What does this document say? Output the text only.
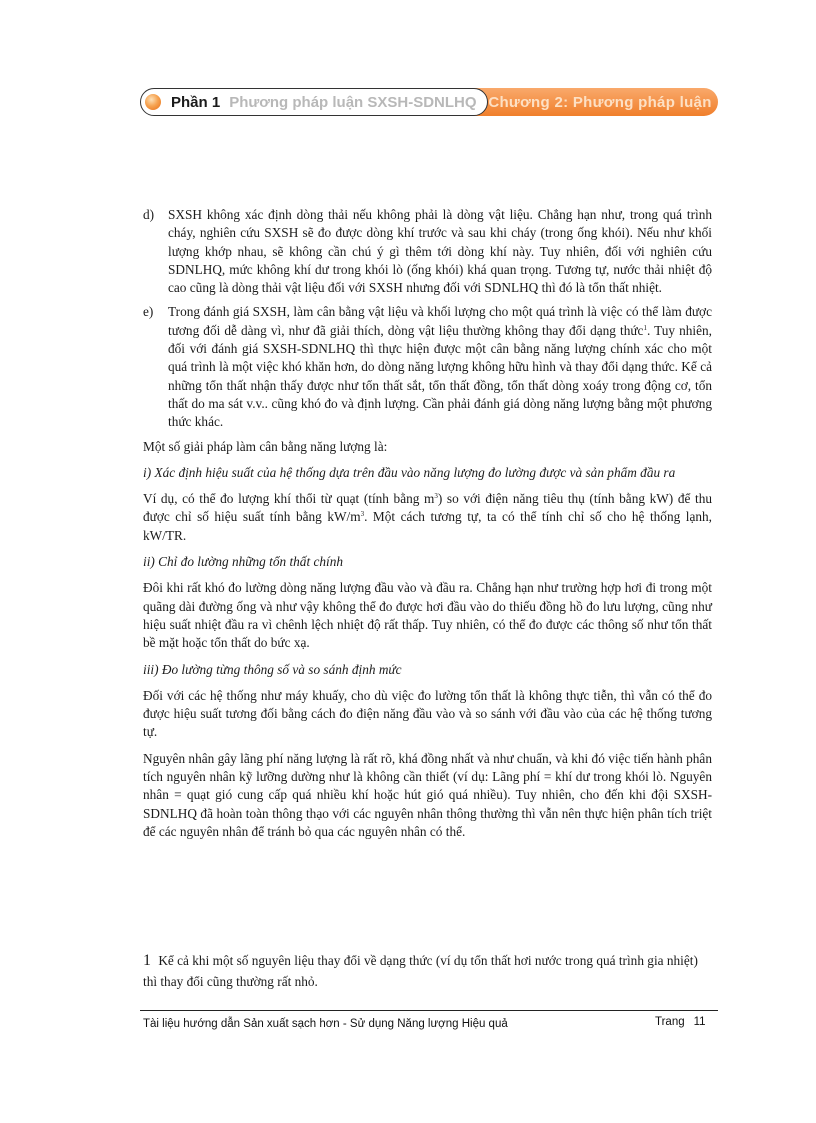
Chương 2: Phương pháp luận
Phần 1 Phương pháp luận SXSH-SDNLHQ
d)	SXSH không xác định dòng thải nếu không phải là dòng vật liệu. Chẳng hạn như, trong quá trình cháy, nghiên cứu SXSH sẽ đo được dòng khí trước và sau khi cháy (trong ống khói). Nếu như khối lượng khớp nhau, sẽ không cần chú ý gì thêm tới dòng khí này. Tuy nhiên, đối với nghiên cứu SDNLHQ, mức không khí dư trong khói lò (ống khói) khá quan trọng. Tương tự, nước thải nhiệt độ cao cũng là dòng thải vật liệu đối với SXSH nhưng đối với SDNLHQ thì đó là tổn thất nhiệt.
e)	Trong đánh giá SXSH, làm cân bằng vật liệu và khối lượng cho một quá trình là việc có thể làm được tương đối dễ dàng vì, như đã giải thích, dòng vật liệu thường không thay đổi dạng thức$^1$. Tuy nhiên, đối với đánh giá SXSH-SDNLHQ thì thực hiện được một cân bằng năng lượng chính xác cho một quá trình là một việc khó khăn hơn, do dòng năng lượng không hữu hình và thay đổi dạng thức. Kể cả những tổn thất nhận thấy được như tổn thất sắt, tổn thất đồng, tổn thất dòng xoáy trong động cơ, tổn thất do ma sát v.v.. cũng khó đo và định lượng. Cần phải đánh giá dòng năng lượng bằng một phương thức khác.

Một số giải pháp làm cân bằng năng lượng là:

i) Xác định hiệu suất của hệ thống dựa trên đầu vào năng lượng đo lường được và sản phẩm đầu ra

Ví dụ, có thể đo lượng khí thổi từ quạt (tính bằng $m^3$) so với điện năng tiêu thụ (tính bằng kW) để thu được chỉ số hiệu suất tính bằng $kW/m^3$. Một cách tương tự, ta có thể tính chỉ số cho hệ thống lạnh, kW/TR.

ii) Chỉ đo lường những tổn thất chính

Đôi khi rất khó đo lường dòng năng lượng đầu vào và đầu ra. Chẳng hạn như trường hợp hơi đi trong một quãng dài đường ống và như vậy không thể đo được hơi đầu vào do thiếu đồng hồ đo lưu lượng, cũng như hiệu suất nhiệt đầu ra vì chênh lệch nhiệt độ rất thấp. Tuy nhiên, có thể đo được các thông số như tổn thất bề mặt hoặc tổn thất do bức xạ.

iii) Đo lường từng thông số và so sánh định mức

Đối với các hệ thống như máy khuấy, cho dù việc đo lường tổn thất là không thực tiễn, thì vẫn có thể đo được hiệu suất tương đối bằng cách đo điện năng đầu vào và so sánh với đầu vào của các hệ thống tương tự.

Nguyên nhân gây lãng phí năng lượng là rất rõ, khá đồng nhất và như chuẩn, và khi đó việc tiến hành phân tích nguyên nhân kỹ lưỡng dường như là không cần thiết (ví dụ: Lãng phí = khí dư trong khói lò. Nguyên nhân = quạt gió cung cấp quá nhiều khí hoặc hút gió quá nhiều). Tuy nhiên, cho đến khi đội SXSH-SDNLHQ đã hoàn toàn thông thạo với các nguyên nhân thông thường thì vẫn nên thực hiện phân tích triệt để các nguyên nhân để tránh bỏ qua các nguyên nhân có thể.

1 Kể cả khi một số nguyên liệu thay đổi về dạng thức (ví dụ tổn thất hơi nước trong quá trình gia nhiệt) thì thay đổi cũng thường rất nhỏ.
Tài liệu hướng dẫn Sản xuất sạch hơn - Sử dụng Năng lượng Hiệu quả	Trang 11
